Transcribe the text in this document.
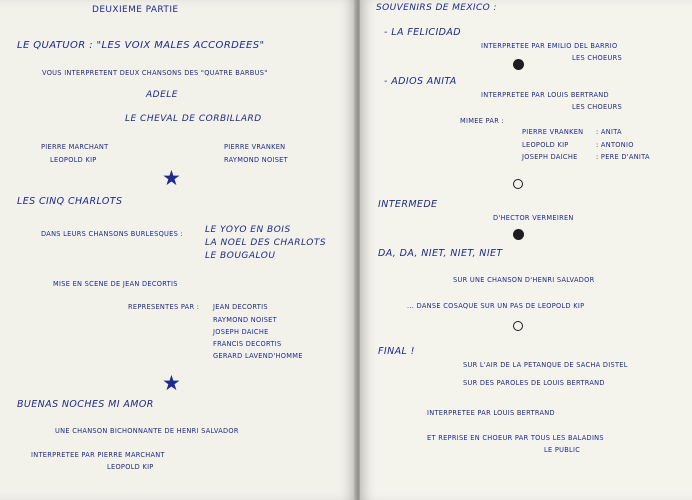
DEUXIEME PARTIE
LE QUATUOR : "LES VOIX MALES ACCORDEES"
VOUS INTERPRETENT DEUX CHANSONS DES "QUATRE BARBUS"
ADELE
LE CHEVAL DE CORBILLARD
PIERRE MARCHANT
LEOPOLD KIP
PIERRE VRANKEN
RAYMOND NOISET
★
LES CINQ CHARLOTS
DANS LEURS CHANSONS BURLESQUES : LE YOYO EN BOIS
LA NOEL DES CHARLOTS
LE BOUGALOU
MISE EN SCENE DE JEAN DECORTIS
REPRESENTES PAR : JEAN DECORTIS
RAYMOND NOISET
JOSEPH DAICHE
FRANCIS DECORTIS
GERARD LAVEND'HOMME
★
BUENAS NOCHES MI AMOR
UNE CHANSON BICHONNANTE DE HENRI SALVADOR
INTERPRETEE PAR PIERRE MARCHANT
LEOPOLD KIP
SOUVENIRS DE MEXICO :
- LA FELICIDAD
INTERPRETEE PAR EMILIO DEL BARRIO
LES CHOEURS
- ADIOS ANITA
INTERPRETEE PAR LOUIS BERTRAND
LES CHOEURS
MIMEE PAR :
PIERRE VRANKEN : ANITA
LEOPOLD KIP	: ANTONIO
JOSEPH DAICHE	: PERE D'ANITA
INTERMEDE
D'HECTOR VERMEIREN
DA, DA, NIET, NIET, NIET
SUR UNE CHANSON D'HENRI SALVADOR
... DANSE COSAQUE SUR UN PAS DE LEOPOLD KIP
FINAL !
SUR L'AIR DE LA PETANQUE DE SACHA DISTEL
SUR DES PAROLES DE LOUIS BERTRAND
INTERPRETEE PAR LOUIS BERTRAND
ET REPRISE EN CHOEUR PAR TOUS LES BALADINS
LE PUBLIC
